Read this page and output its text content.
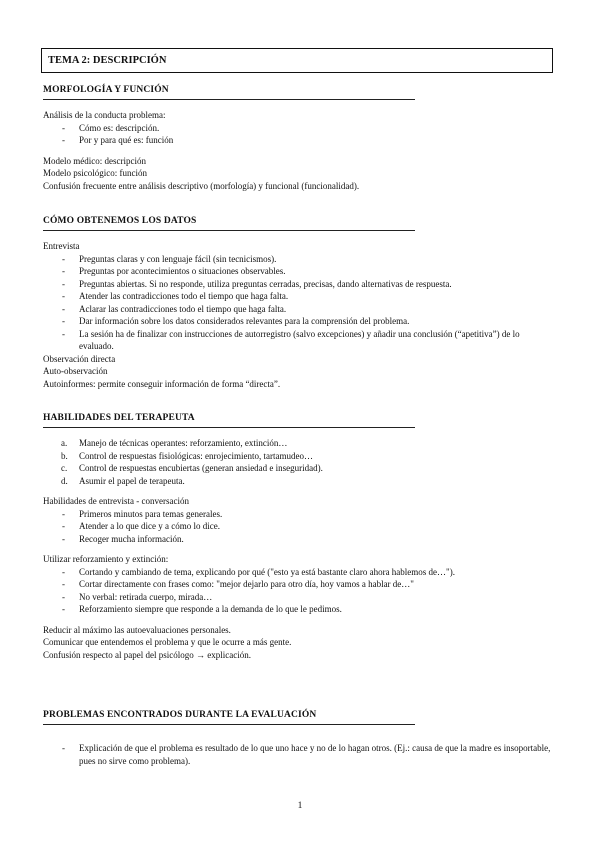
TEMA 2: DESCRIPCIÓN
MORFOLOGÍA Y FUNCIÓN

Análisis de la conducta problema:

- Cómo es: descripción.
- Por y para qué es: función

Modelo médico: descripción

Modelo psicológico: función

Confusión frecuente entre análisis descriptivo (morfología) y funcional (funcionalidad).

CÓMO OBTENEMOS LOS DATOS

Entrevista

- Preguntas claras y con lenguaje fácil (sin tecnicismos).
- Preguntas por acontecimientos o situaciones observables.
- Preguntas abiertas. Si no responde, utiliza preguntas cerradas, precisas, dando alternativas de respuesta.
- Atender las contradicciones todo el tiempo que haga falta.
- Aclarar las contradicciones todo el tiempo que haga falta.
- Dar información sobre los datos considerados relevantes para la comprensión del problema.
- La sesión ha de finalizar con instrucciones de autorregistro (salvo excepciones) y añadir una conclusión (“apetitiva”) de lo evaluado.

Observación directa

Auto-observación

Autoinformes: permite conseguir información de forma “directa”.

HABILIDADES DEL TERAPEUTA
a. Manejo de técnicas operantes: reforzamiento, extinción…
b. Control de respuestas fisiológicas: enrojecimiento, tartamudeo…
c. Control de respuestas encubiertas (generan ansiedad e inseguridad).
d. Asumir el papel de terapeuta.

Habilidades de entrevista - conversación

- Primeros minutos para temas generales.
- Atender a lo que dice y a cómo lo dice.
- Recoger mucha información.

Utilizar reforzamiento y extinción:

- Cortando y cambiando de tema, explicando por qué ("esto ya está bastante claro ahora hablemos de…").
- Cortar directamente con frases como: "mejor dejarlo para otro día, hoy vamos a hablar de…"
- No verbal: retirada cuerpo, mirada…
- Reforzamiento siempre que responde a la demanda de lo que le pedimos.

Reducir al máximo las autoevaluaciones personales.

Comunicar que entendemos el problema y que le ocurre a más gente.

Confusión respecto al papel del psicólogo → explicación.

PROBLEMAS ENCONTRADOS DURANTE LA EVALUACIÓN
- Explicación de que el problema es resultado de lo que uno hace y no de lo hagan otros. (Ej.: causa de que la madre es insoportable, pues no sirve como problema).
1
